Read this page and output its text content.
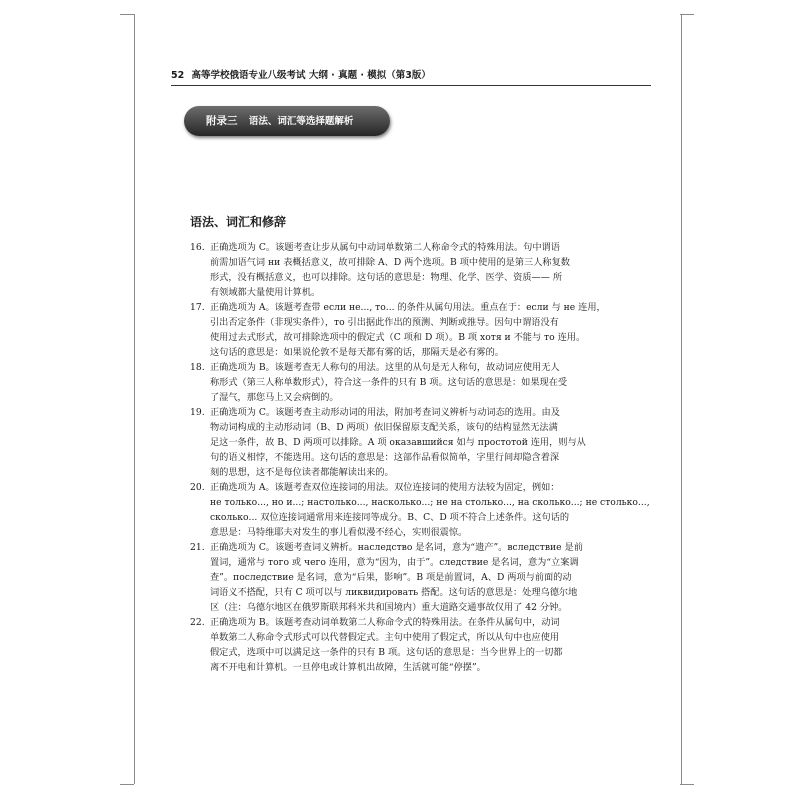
52 高等学校俄语专业八级考试 大纲 · 真题 · 模拟（第3版）
附录三 语法、词汇等选择题解析
语法、词汇和修辞
16. 正确选项为 C。该题考查让步从属句中动词单数第二人称命令式的特殊用法。句中谓语
前需加语气词 ни 表概括意义，故可排除 A、D 两个选项。B 项中使用的是第三人称复数
形式，没有概括意义，也可以排除。这句话的意思是：物理、化学、医学、资质—— 所
有领域都大量使用计算机。
17. 正确选项为 A。该题考查带 если не..., то... 的条件从属句用法。重点在于：если 与 не 连用，
引出否定条件（非现实条件），то 引出据此作出的预测、判断或推导。因句中谓语没有
使用过去式形式，故可排除选项中的假定式（C 项和 D 项）。B 项 хотя и 不能与 то 连用。
这句话的意思是：如果说伦敦不是每天都有雾的话，那隔天是必有雾的。
18. 正确选项为 B。该题考查无人称句的用法。这里的从句是无人称句，故动词应使用无人
称形式（第三人称单数形式），符合这一条件的只有 B 项。这句话的意思是：如果现在受
了湿气，那您马上又会病倒的。
19. 正确选项为 C。该题考查主动形动词的用法，附加考查词义辨析与动词态的选用。由及
物动词构成的主动形动词（B、D 两项）依旧保留原支配关系，该句的结构显然无法满
足这一条件，故 B、D 两项可以排除。A 项 оказавшийся 如与 простотой 连用，则与从
句的语义相悖，不能选用。这句话的意思是：这部作品看似简单，字里行间却隐含着深
刻的思想，这不是每位读者都能解读出来的。
20. 正确选项为 A。该题考查双位连接词的用法。双位连接词的使用方法较为固定，例如：
не только..., но и...; настолько..., насколько...; не на столько..., на сколько...; не столько...,
сколько... 双位连接词通常用来连接同等成分。B、C、D 项不符合上述条件。这句话的
意思是：马特维耶夫对发生的事儿看似漫不经心，实则很震惊。
21. 正确选项为 C。该题考查词义辨析。наследство 是名词，意为“遗产”。вследствие 是前
置词，通常与 того 或 чего 连用，意为“因为，由于”。следствие 是名词，意为“立案调
查”。последствие 是名词，意为“后果，影响”。B 项是前置词，A、D 两项与前面的动
词语义不搭配，只有 C 项可以与 ликвидировать 搭配。这句话的意思是：处理乌德尔地
区（注：乌德尔地区在俄罗斯联邦科米共和国境内）重大道路交通事故仅用了 42 分钟。
22. 正确选项为 B。该题考查动词单数第二人称命令式的特殊用法。在条件从属句中，动词
单数第二人称命令式形式可以代替假定式。主句中使用了假定式，所以从句中也应使用
假定式，选项中可以满足这一条件的只有 B 项。这句话的意思是：当今世界上的一切都
离不开电和计算机。一旦停电或计算机出故障，生活就可能“停摆”。
